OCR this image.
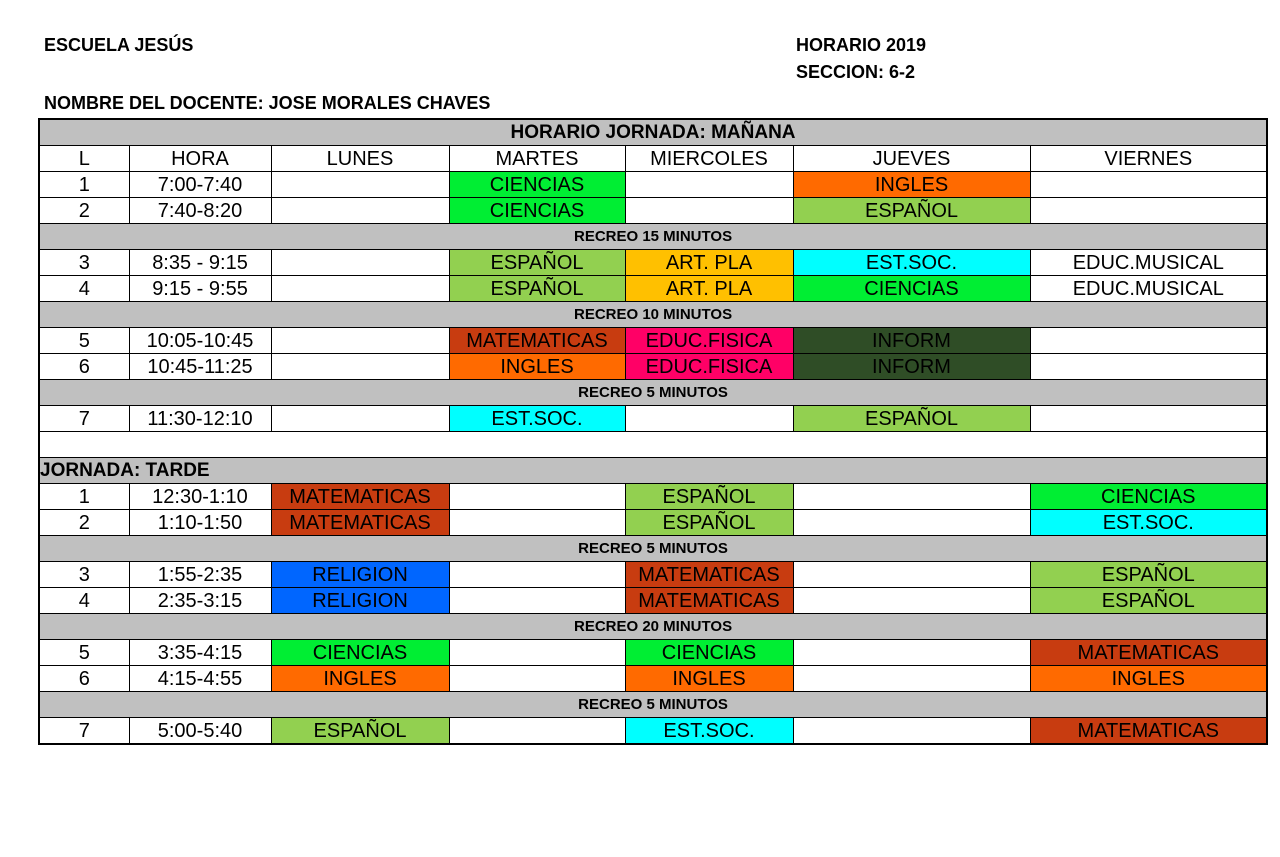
ESCUELA JESÚS	HORARIO 2019
SECCION: 6-2
NOMBRE DEL DOCENTE: JOSE MORALES CHAVES
HORARIO JORNADA: MAÑANA						
L	HORA	LUNES	MARTES	MIERCOLES	JUEVES	VIERNES
1	7:00-7:40		CIENCIAS		INGLES	
2	7:40-8:20		CIENCIAS		ESPAÑOL	
RECREO 15 MINUTOS						
3	8:35 - 9:15		ESPAÑOL	ART. PLA	EST.SOC.	EDUC.MUSICAL
4	9:15 - 9:55		ESPAÑOL	ART. PLA	CIENCIAS	EDUC.MUSICAL
RECREO 10 MINUTOS						
5	10:05-10:45		MATEMATICAS	EDUC.FISICA	INFORM	
6	10:45-11:25		INGLES	EDUC.FISICA	INFORM	
RECREO 5 MINUTOS						
7	11:30-12:10		EST.SOC.		ESPAÑOL	

JORNADA: TARDE						
1	12:30-1:10	MATEMATICAS		ESPAÑOL		CIENCIAS
2	1:10-1:50	MATEMATICAS		ESPAÑOL		EST.SOC.
RECREO 5 MINUTOS						
3	1:55-2:35	RELIGION		MATEMATICAS		ESPAÑOL
4	2:35-3:15	RELIGION		MATEMATICAS		ESPAÑOL
RECREO 20 MINUTOS						
5	3:35-4:15	CIENCIAS		CIENCIAS		MATEMATICAS
6	4:15-4:55	INGLES		INGLES		INGLES
RECREO 5 MINUTOS						
7	5:00-5:40	ESPAÑOL		EST.SOC.		MATEMATICAS
